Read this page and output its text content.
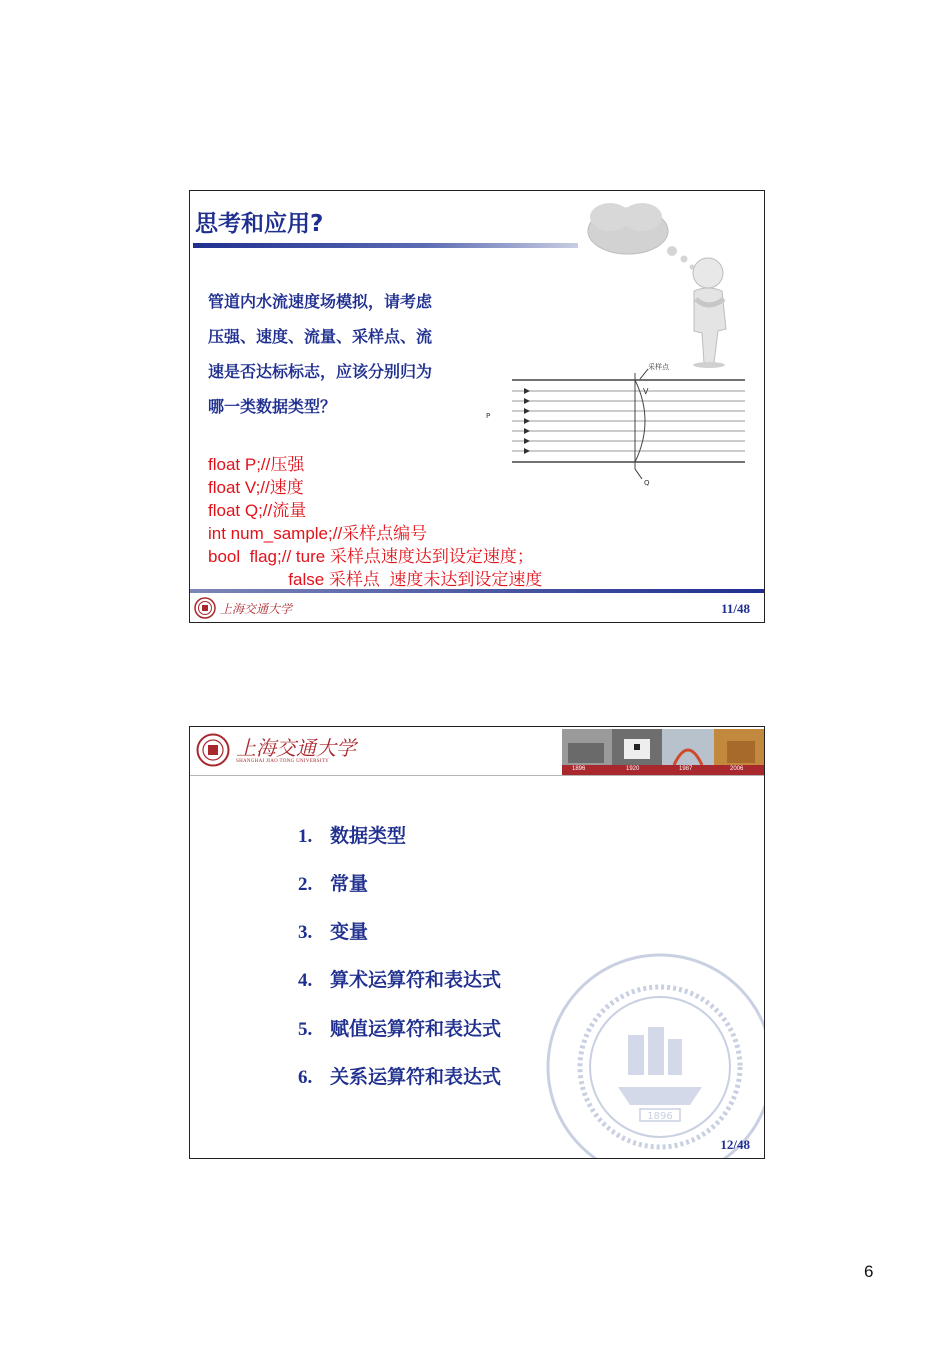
思考和应用?
管道内水流速度场模拟，请考虑
压强、速度、流量、采样点、流
速是否达标标志，应该分别归为
哪一类数据类型？
采样点
V
P
Q
float P;//压强
float V;//速度
float Q;//流量
int num_sample;//采样点编号
bool  flag;// ture 采样点速度达到设定速度；
false 采样点  速度未达到设定速度
上海交通大学	11/48
上海交通大学
SHANGHAI JIAO TONG UNIVERSITY
1896	1920	1987	2006
1896
1. 数据类型
2. 常量
3. 变量
4. 算术运算符和表达式
5. 赋值运算符和表达式
6. 关系运算符和表达式
12/48
6
